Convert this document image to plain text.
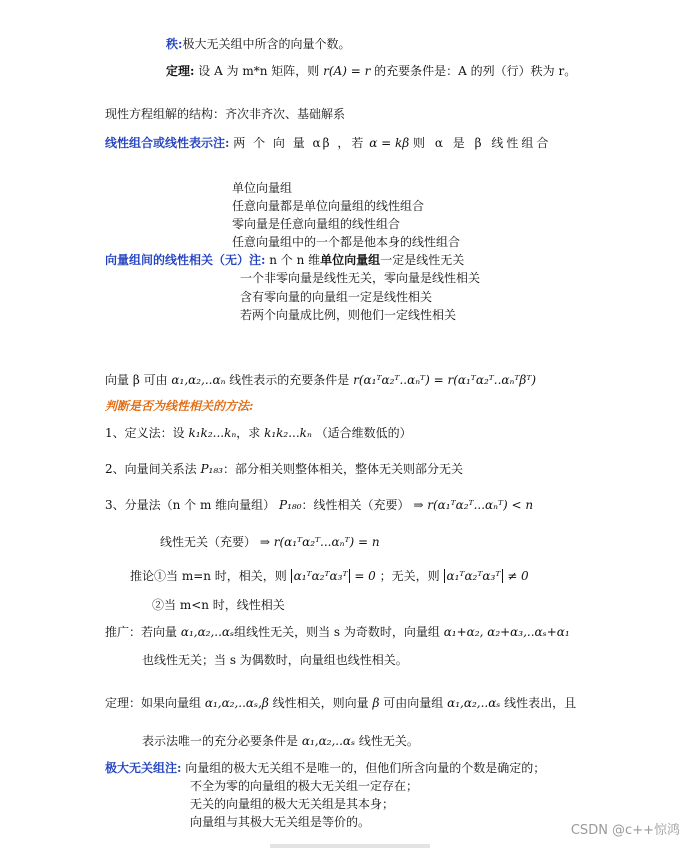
秩:极大无关组中所含的向量个数。
定理: 设 A 为 m*n 矩阵，则 r(A) = r 的充要条件是：A 的列（行）秩为 r。
现性方程组解的结构：齐次非齐次、基础解系
线性组合或线性表示注: 两 个 向 量 αβ ，若 α = kβ 则 α 是 β 线性组合
单位向量组
任意向量都是单位向量组的线性组合
零向量是任意向量组的线性组合
任意向量组中的一个都是他本身的线性组合
向量组间的线性相关（无）注: n 个 n 维单位向量组一定是线性无关
一个非零向量是线性无关，零向量是线性相关
含有零向量的向量组一定是线性相关
若两个向量成比例，则他们一定线性相关
向量 β 可由 α₁,α₂,..αₙ 线性表示的充要条件是 r(α₁ᵀα₂ᵀ..αₙᵀ) = r(α₁ᵀα₂ᵀ..αₙᵀβᵀ)
判断是否为线性相关的方法:
1、定义法：设 k₁k₂...kₙ，求 k₁k₂...kₙ （适合维数低的）
2、向量间关系法 P₁₈₃：部分相关则整体相关，整体无关则部分无关
3、分量法（n 个 m 维向量组） P₁₈₀：线性相关（充要） ⇒ r(α₁ᵀα₂ᵀ...αₙᵀ) < n
线性无关（充要） ⇒ r(α₁ᵀα₂ᵀ...αₙᵀ) = n
推论①当 m=n 时，相关，则 α₁ᵀα₂ᵀα₃ᵀ = 0 ；无关，则 α₁ᵀα₂ᵀα₃ᵀ ≠ 0
②当 m<n 时，线性相关
推广：若向量 α₁,α₂,..αₛ组线性无关，则当 s 为奇数时，向量组 α₁+α₂, α₂+α₃,..αₛ+α₁
也线性无关；当 s 为偶数时，向量组也线性相关。
定理：如果向量组 α₁,α₂,..αₛ,β 线性相关，则向量 β 可由向量组 α₁,α₂,..αₛ 线性表出，且
表示法唯一的充分必要条件是 α₁,α₂,..αₛ 线性无关。
极大无关组注: 向量组的极大无关组不是唯一的，但他们所含向量的个数是确定的；
不全为零的向量组的极大无关组一定存在；
无关的向量组的极大无关组是其本身；
向量组与其极大无关组是等价的。
CSDN @c++惊鸿
